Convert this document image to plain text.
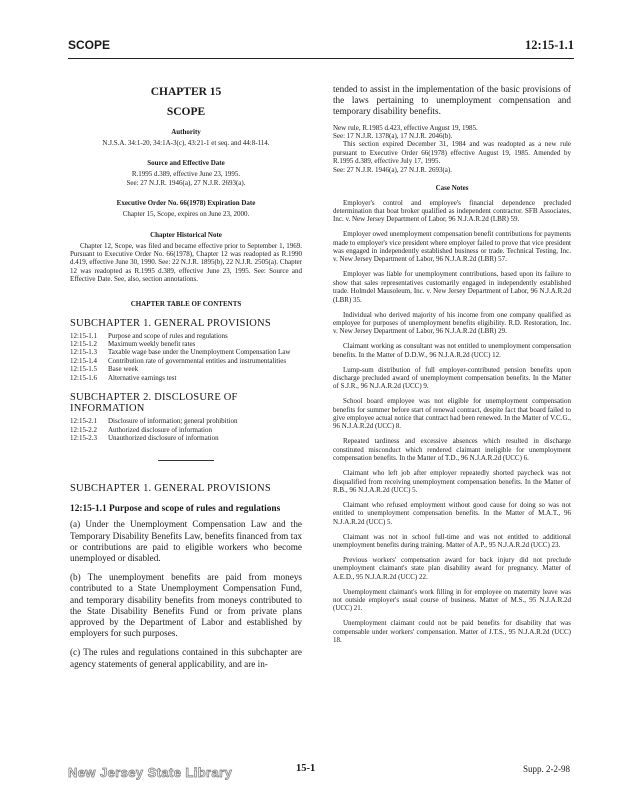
SCOPE	12:15-1.1
CHAPTER 15
SCOPE
Authority
N.J.S.A. 34:1-20, 34:1A-3(c), 43:21-1 et seq. and 44:8-114.
Source and Effective Date
R.1995 d.389, effective June 23, 1995.
See: 27 N.J.R. 1946(a), 27 N.J.R. 2693(a).
Executive Order No. 66(1978) Expiration Date
Chapter 15, Scope, expires on June 23, 2000.
Chapter Historical Note
Chapter 12, Scope, was filed and became effective prior to September 1, 1969. Pursuant to Executive Order No. 66(1978), Chapter 12 was readopted as R.1990 d.419, effective June 30, 1990. See: 22 N.J.R. 1895(b), 22 N.J.R. 2505(a). Chapter 12 was readopted as R.1995 d.389, effective June 23, 1995. See: Source and Effective Date. See, also, section annotations.
CHAPTER TABLE OF CONTENTS
SUBCHAPTER 1. GENERAL PROVISIONS
12:15-1.1	Purpose and scope of rules and regulations
12:15-1.2	Maximum weekly benefit rates
12:15-1.3	Taxable wage base under the Unemployment Compensation Law
12:15-1.4	Contribution rate of governmental entities and instrumentalities
12:15-1.5	Base week
12:15-1.6	Alternative earnings test
SUBCHAPTER 2. DISCLOSURE OF INFORMATION
12:15-2.1	Disclosure of information; general prohibition
12:15-2.2	Authorized disclosure of information
12:15-2.3	Unauthorized disclosure of information
SUBCHAPTER 1. GENERAL PROVISIONS
12:15-1.1 Purpose and scope of rules and regulations
(a) Under the Unemployment Compensation Law and the Temporary Disability Benefits Law, benefits financed from tax or contributions are paid to eligible workers who become unemployed or disabled.
(b) The unemployment benefits are paid from moneys contributed to a State Unemployment Compensation Fund, and temporary disability benefits from moneys contributed to the State Disability Benefits Fund or from private plans approved by the Department of Labor and established by employers for such purposes.
(c) The rules and regulations contained in this subchapter are agency statements of general applicability, and are in-
tended to assist in the implementation of the basic provisions of the laws pertaining to unemployment compensation and temporary disability benefits.
New rule, R.1985 d.423, effective August 19, 1985.
See: 17 N.J.R. 1378(a), 17 N.J.R. 2046(b).
This section expired December 31, 1984 and was readopted as a new rule pursuant to Executive Order 66(1978) effective August 19, 1985. Amended by R.1995 d.389, effective July 17, 1995.
See: 27 N.J.R. 1946(a), 27 N.J.R. 2693(a).
Case Notes
Employer's control and employee's financial dependence precluded determination that boat broker qualified as independent contractor. SFB Associates, Inc. v. New Jersey Department of Labor, 96 N.J.A.R.2d (LBR) 59.
Employer owed unemployment compensation benefit contributions for payments made to employer's vice president where employer failed to prove that vice president was engaged in independently established business or trade. Technical Testing, Inc. v. New Jersey Department of Labor, 96 N.J.A.R.2d (LBR) 57.
Employer was liable for unemployment contributions, based upon its failure to show that sales representatives customarily engaged in independently established trade. Holmdel Mausoleum, Inc. v. New Jersey Department of Labor, 96 N.J.A.R.2d (LBR) 35.
Individual who derived majority of his income from one company qualified as employee for purposes of unemployment benefits eligibility. R.D. Restoration, Inc. v. New Jersey Department of Labor, 96 N.J.A.R.2d (LBR) 29.
Claimant working as consultant was not entitled to unemployment compensation benefits. In the Matter of D.D.W., 96 N.J.A.R.2d (UCC) 12.
Lump-sum distribution of full employer-contributed pension benefits upon discharge precluded award of unemployment compensation benefits. In the Matter of S.J.R., 96 N.J.A.R.2d (UCC) 9.
School board employee was not eligible for unemployment compensation benefits for summer before start of renewal contract, despite fact that board failed to give employee actual notice that contract had been renewed. In the Matter of V.C.G., 96 N.J.A.R.2d (UCC) 8.
Repeated tardiness and excessive absences which resulted in discharge constituted misconduct which rendered claimant ineligible for unemployment compensation benefits. In the Matter of T.D., 96 N.J.A.R.2d (UCC) 6.
Claimant who left job after employer repeatedly shorted paycheck was not disqualified from receiving unemployment compensation benefits. In the Matter of R.B., 96 N.J.A.R.2d (UCC) 5.
Claimant who refused employment without good cause for doing so was not entitled to unemployment compensation benefits. In the Matter of M.A.T., 96 N.J.A.R.2d (UCC) 5.
Claimant was not in school full-time and was not entitled to additional unemployment benefits during training. Matter of A.P., 95 N.J.A.R.2d (UCC) 23.
Previous workers' compensation award for back injury did not preclude unemployment claimant's state plan disability award for pregnancy. Matter of A.E.D., 95 N.J.A.R.2d (UCC) 22.
Unemployment claimant's work filling in for employee on maternity leave was not outside employer's usual course of business. Matter of M.S., 95 N.J.A.R.2d (UCC) 21.
Unemployment claimant could not be paid benefits for disability that was compensable under workers' compensation. Matter of J.T.S., 95 N.J.A.R.2d (UCC) 18.
New Jersey State Library	15-1	Supp. 2-2-98
